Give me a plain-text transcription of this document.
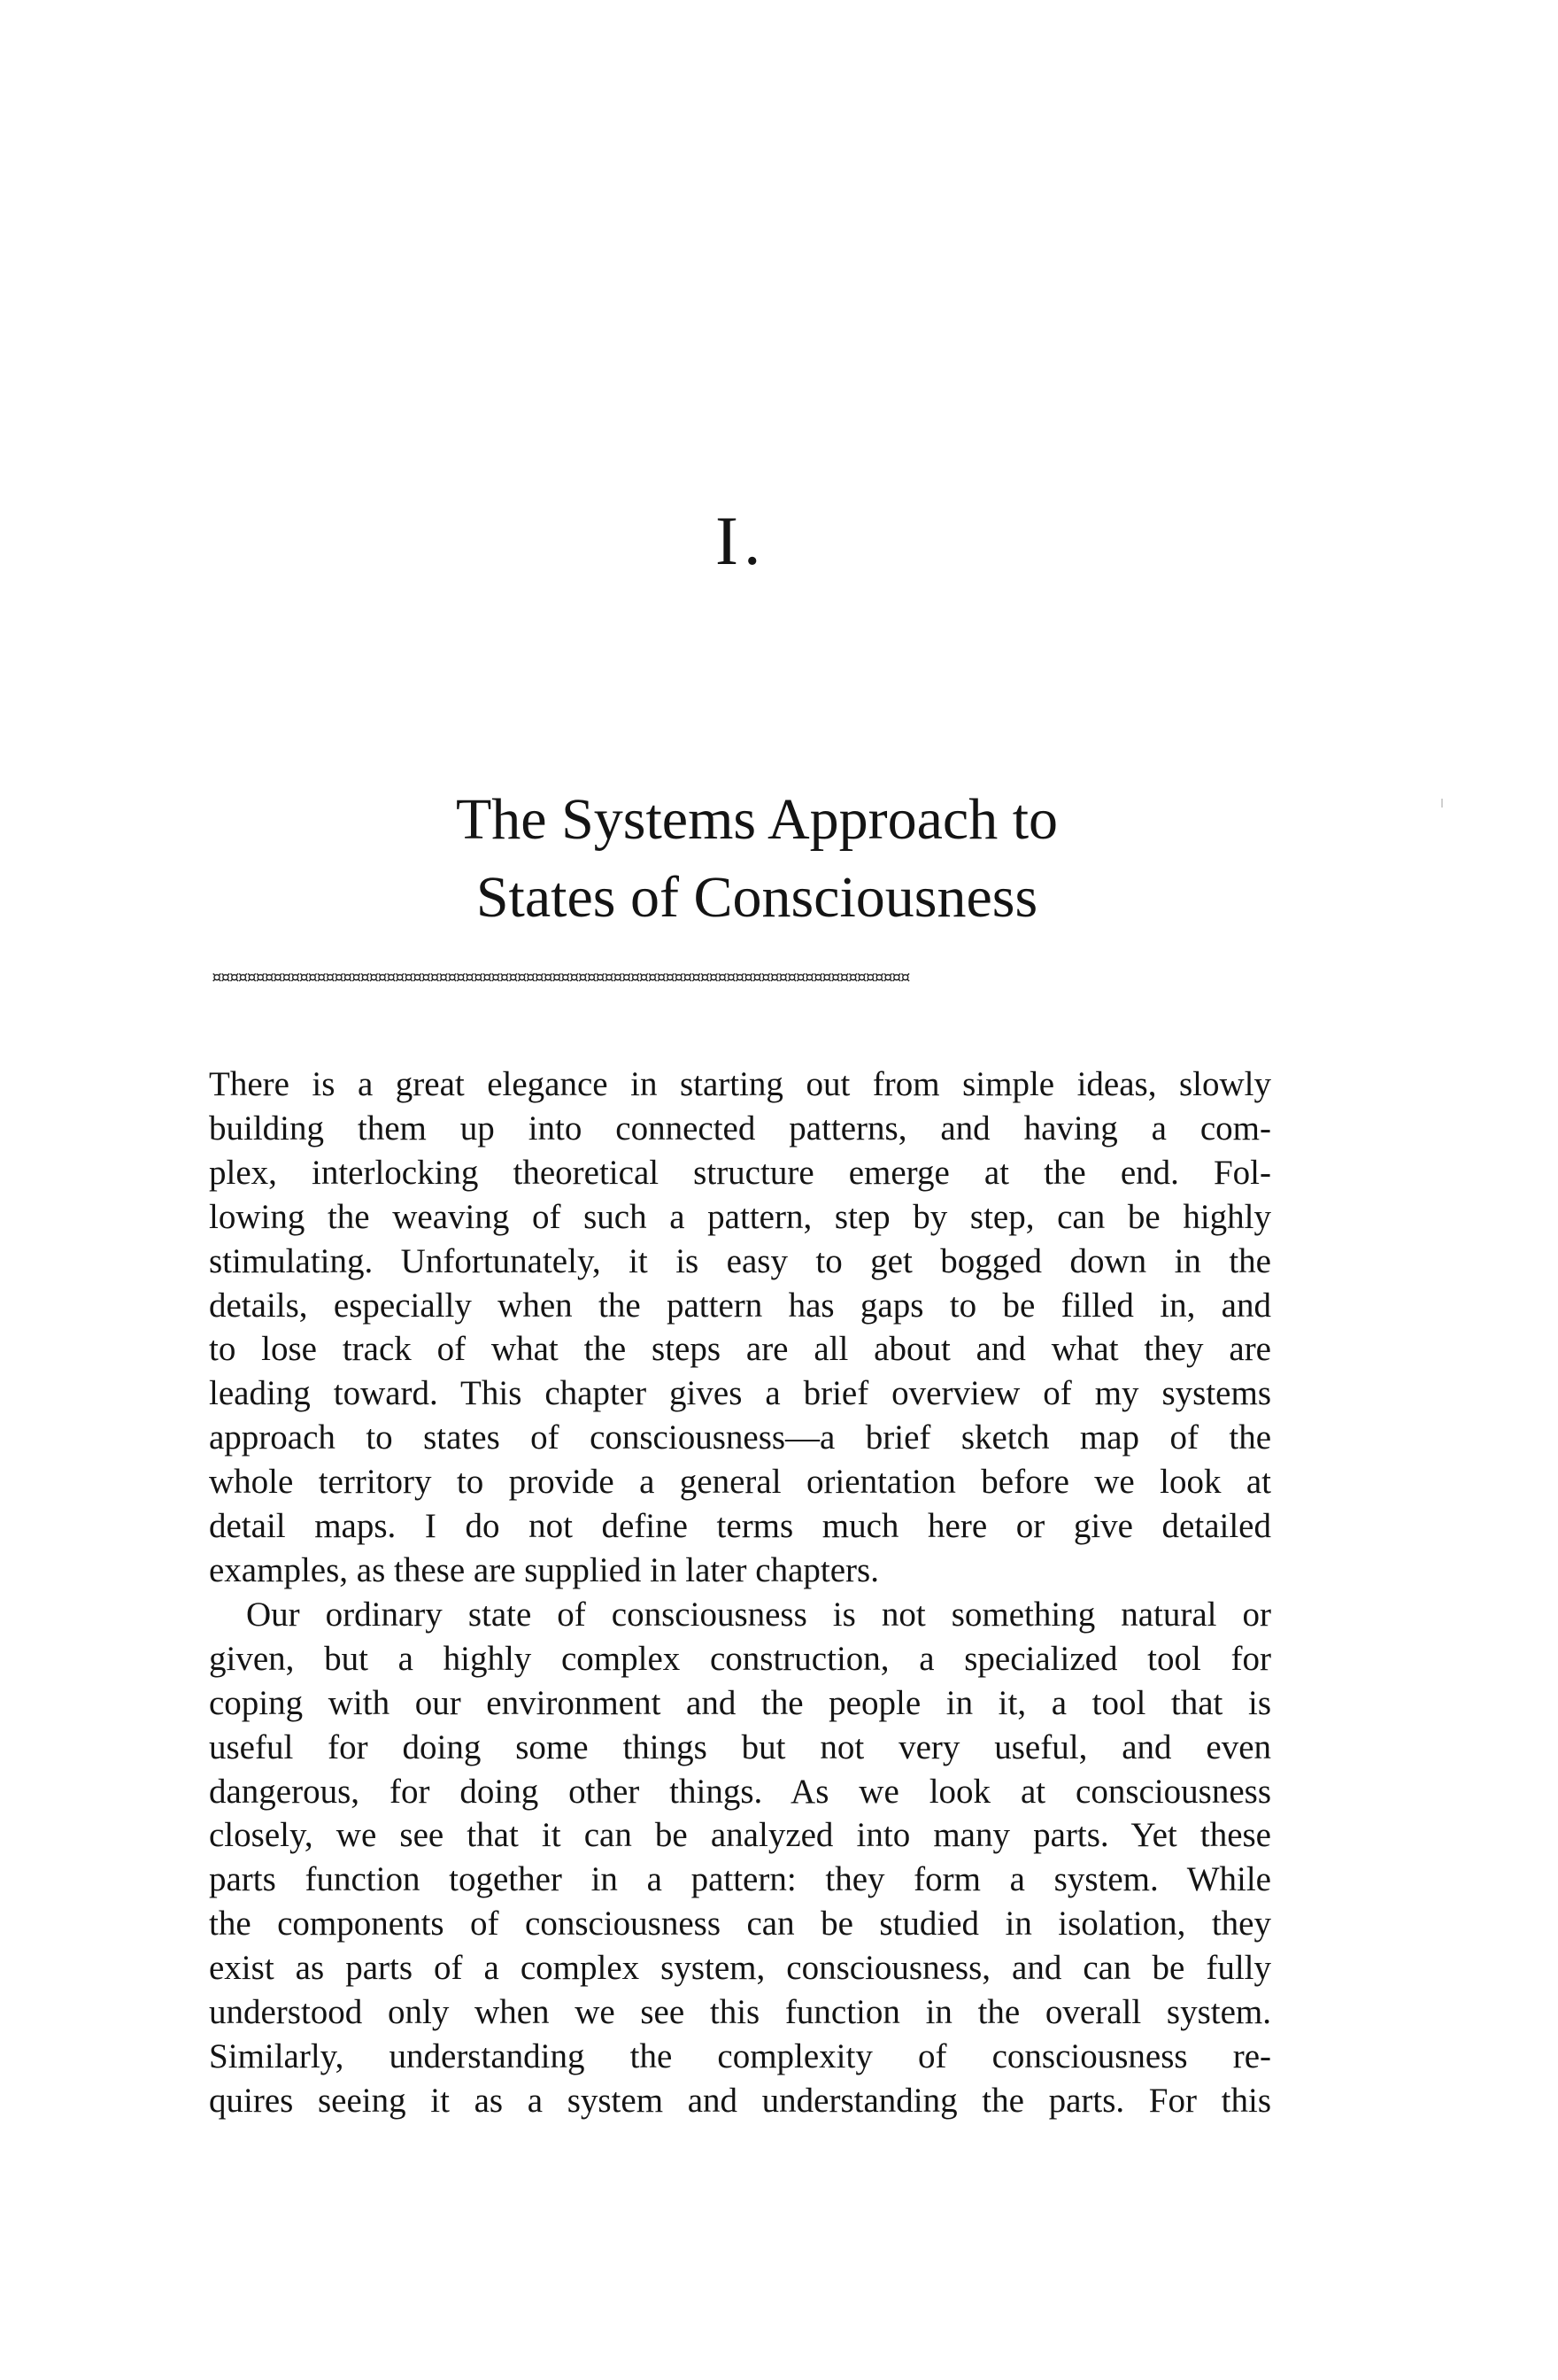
I.
The Systems Approach to
States of Consciousness
¤¤¤¤¤¤¤¤¤¤¤¤¤¤¤¤¤¤¤¤¤¤¤¤¤¤¤¤¤¤¤¤¤¤¤¤¤¤¤¤¤¤¤¤¤¤¤¤¤¤¤¤¤¤¤¤¤¤¤¤¤¤¤¤¤¤¤¤¤¤¤¤¤¤¤¤¤¤¤¤

There is a great elegance in starting out from simple ideas, slowly
building them up into connected patterns, and having a com-
plex, interlocking theoretical structure emerge at the end. Fol-
lowing the weaving of such a pattern, step by step, can be highly
stimulating. Unfortunately, it is easy to get bogged down in the
details, especially when the pattern has gaps to be filled in, and
to lose track of what the steps are all about and what they are
leading toward. This chapter gives a brief overview of my systems
approach to states of consciousness—a brief sketch map of the
whole territory to provide a general orientation before we look at
detail maps. I do not define terms much here or give detailed
examples, as these are supplied in later chapters.

Our ordinary state of consciousness is not something natural or
given, but a highly complex construction, a specialized tool for
coping with our environment and the people in it, a tool that is
useful for doing some things but not very useful, and even
dangerous, for doing other things. As we look at consciousness
closely, we see that it can be analyzed into many parts. Yet these
parts function together in a pattern: they form a system. While
the components of consciousness can be studied in isolation, they
exist as parts of a complex system, consciousness, and can be fully
understood only when we see this function in the overall system.
Similarly, understanding the complexity of consciousness re-
quires seeing it as a system and understanding the parts. For this
